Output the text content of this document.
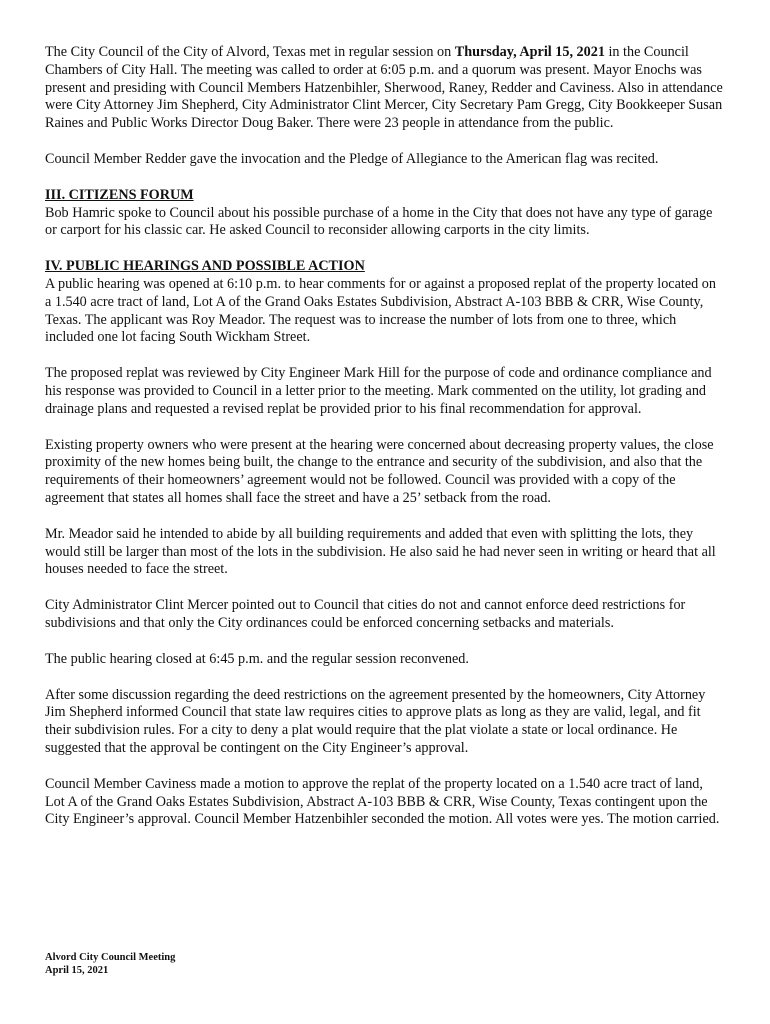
The City Council of the City of Alvord, Texas met in regular session on Thursday, April 15, 2021 in the Council Chambers of City Hall. The meeting was called to order at 6:05 p.m. and a quorum was present. Mayor Enochs was present and presiding with Council Members Hatzenbihler, Sherwood, Raney, Redder and Caviness. Also in attendance were City Attorney Jim Shepherd, City Administrator Clint Mercer, City Secretary Pam Gregg, City Bookkeeper Susan Raines and Public Works Director Doug Baker. There were 23 people in attendance from the public.

Council Member Redder gave the invocation and the Pledge of Allegiance to the American flag was recited.

III. CITIZENS FORUM

Bob Hamric spoke to Council about his possible purchase of a home in the City that does not have any type of garage or carport for his classic car. He asked Council to reconsider allowing carports in the city limits.

IV. PUBLIC HEARINGS AND POSSIBLE ACTION

A public hearing was opened at 6:10 p.m. to hear comments for or against a proposed replat of the property located on a 1.540 acre tract of land, Lot A of the Grand Oaks Estates Subdivision, Abstract A-103 BBB & CRR, Wise County, Texas. The applicant was Roy Meador. The request was to increase the number of lots from one to three, which included one lot facing South Wickham Street.

The proposed replat was reviewed by City Engineer Mark Hill for the purpose of code and ordinance compliance and his response was provided to Council in a letter prior to the meeting. Mark commented on the utility, lot grading and drainage plans and requested a revised replat be provided prior to his final recommendation for approval.

Existing property owners who were present at the hearing were concerned about decreasing property values, the close proximity of the new homes being built, the change to the entrance and security of the subdivision, and also that the requirements of their homeowners’ agreement would not be followed. Council was provided with a copy of the agreement that states all homes shall face the street and have a 25’ setback from the road.

Mr. Meador said he intended to abide by all building requirements and added that even with splitting the lots, they would still be larger than most of the lots in the subdivision. He also said he had never seen in writing or heard that all houses needed to face the street.

City Administrator Clint Mercer pointed out to Council that cities do not and cannot enforce deed restrictions for subdivisions and that only the City ordinances could be enforced concerning setbacks and materials.

The public hearing closed at 6:45 p.m. and the regular session reconvened.

After some discussion regarding the deed restrictions on the agreement presented by the homeowners, City Attorney Jim Shepherd informed Council that state law requires cities to approve plats as long as they are valid, legal, and fit their subdivision rules. For a city to deny a plat would require that the plat violate a state or local ordinance. He suggested that the approval be contingent on the City Engineer’s approval.

Council Member Caviness made a motion to approve the replat of the property located on a 1.540 acre tract of land, Lot A of the Grand Oaks Estates Subdivision, Abstract A-103 BBB & CRR, Wise County, Texas contingent upon the City Engineer’s approval. Council Member Hatzenbihler seconded the motion. All votes were yes. The motion carried.

Alvord City Council Meeting
April 15, 2021
